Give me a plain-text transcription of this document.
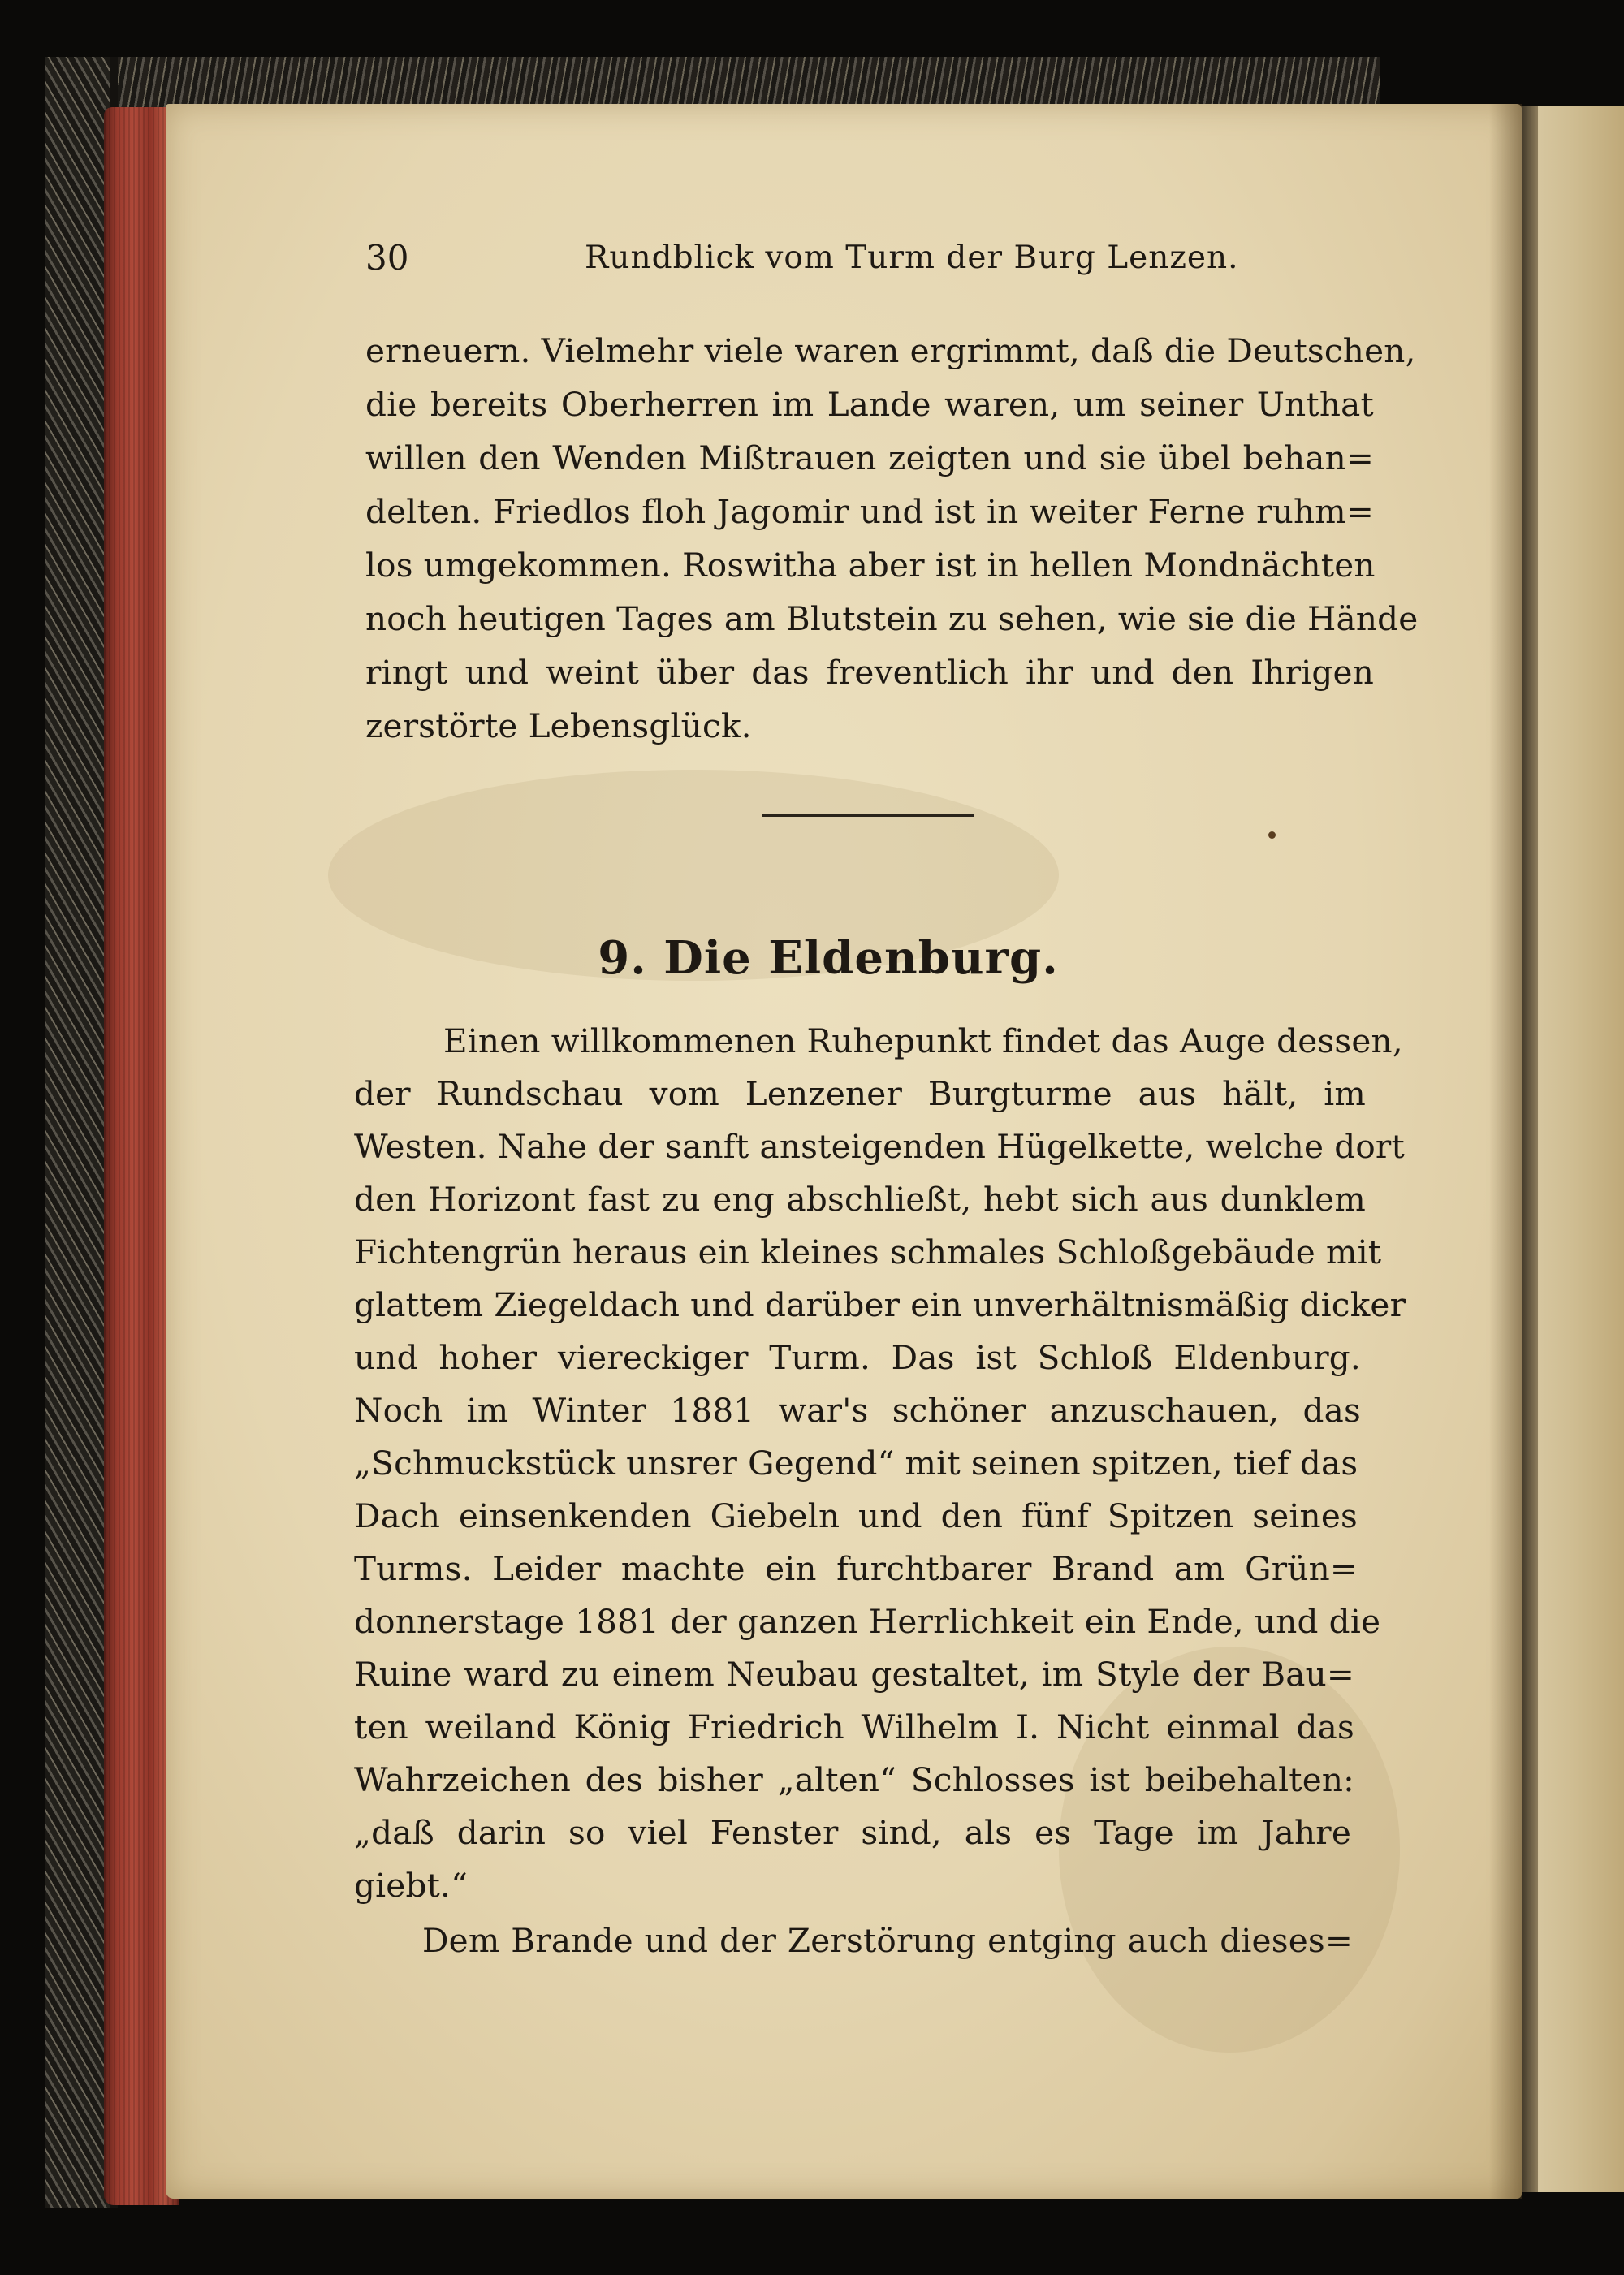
30	Rundblick vom Turm der Burg Lenzen.
erneuern. Vielmehr viele waren ergrimmt, daß die Deutschen,
die bereits Oberherren im Lande waren, um seiner Unthat
willen den Wenden Mißtrauen zeigten und sie übel behan=
delten. Friedlos floh Jagomir und ist in weiter Ferne ruhm=
los umgekommen. Roswitha aber ist in hellen Mondnächten
noch heutigen Tages am Blutstein zu sehen, wie sie die Hände
ringt und weint über das freventlich ihr und den Ihrigen
zerstörte Lebensglück.
9. Die Eldenburg.
Einen willkommenen Ruhepunkt findet das Auge dessen,
der Rundschau vom Lenzener Burgturme aus hält, im
Westen. Nahe der sanft ansteigenden Hügelkette, welche dort
den Horizont fast zu eng abschließt, hebt sich aus dunklem
Fichtengrün heraus ein kleines schmales Schloßgebäude mit
glattem Ziegeldach und darüber ein unverhältnismäßig dicker
und hoher viereckiger Turm. Das ist Schloß Eldenburg.
Noch im Winter 1881 war's schöner anzuschauen, das
„Schmuckstück unsrer Gegend“ mit seinen spitzen, tief das
Dach einsenkenden Giebeln und den fünf Spitzen seines
Turms. Leider machte ein furchtbarer Brand am Grün=
donnerstage 1881 der ganzen Herrlichkeit ein Ende, und die
Ruine ward zu einem Neubau gestaltet, im Style der Bau=
ten weiland König Friedrich Wilhelm I. Nicht einmal das
Wahrzeichen des bisher „alten“ Schlosses ist beibehalten:
„daß darin so viel Fenster sind, als es Tage im Jahre
giebt.“
Dem Brande und der Zerstörung entging auch dieses=
